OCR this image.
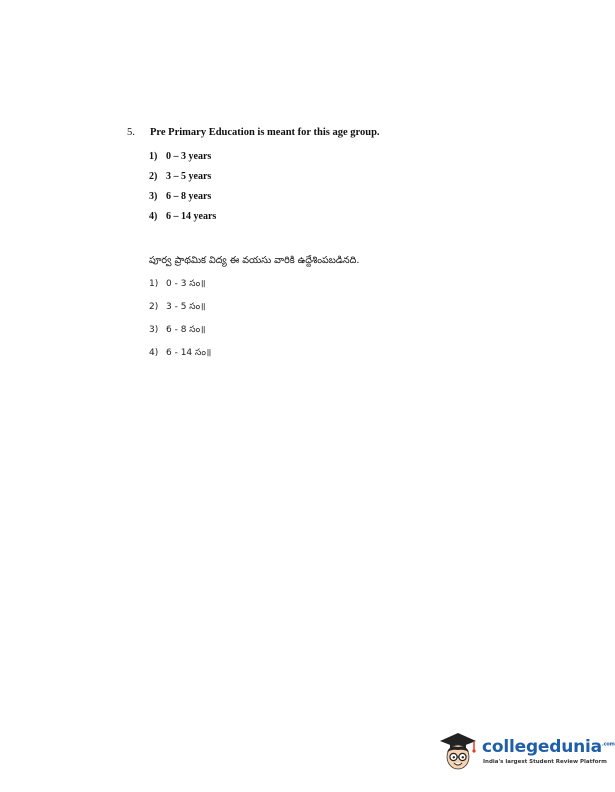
5. Pre Primary Education is meant for this age group.
1) 0 – 3 years
2) 3 – 5 years
3) 6 – 8 years
4) 6 – 14 years
పూర్వ ప్రాథమిక విద్య ఈ వయసు వారికి ఉద్దేశింపబడినది.
1) 0 - 3 సం॥
2) 3 - 5 సం॥
3) 6 - 8 సం॥
4) 6 - 14 సం॥
collegedunia$^{.com}$
India's largest Student Review Platform
